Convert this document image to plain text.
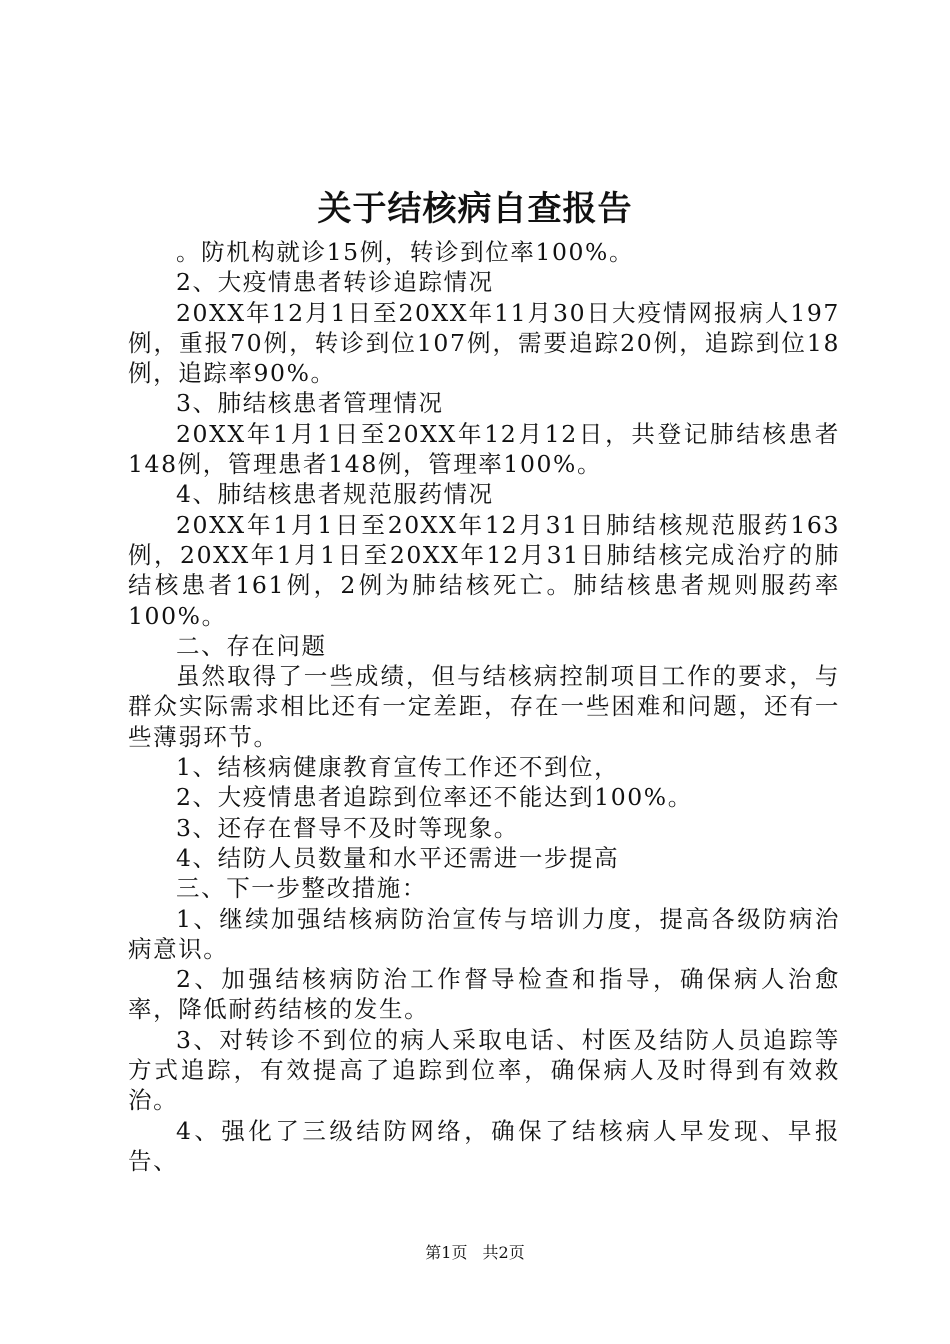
关于结核病自查报告

。防机构就诊15例，转诊到位率100%。

2、大疫情患者转诊追踪情况

20XX年12月1日至20XX年11月30日大疫情网报病人197例，重报70例，转诊到位107例，需要追踪20例，追踪到位18例，追踪率90%。

3、肺结核患者管理情况

20XX年1月1日至20XX年12月12日，共登记肺结核患者148例，管理患者148例，管理率100%。

4、肺结核患者规范服药情况

20XX年1月1日至20XX年12月31日肺结核规范服药163例，20XX年1月1日至20XX年12月31日肺结核完成治疗的肺结核患者161例，2例为肺结核死亡。肺结核患者规则服药率100%。

二、存在问题

虽然取得了一些成绩，但与结核病控制项目工作的要求，与群众实际需求相比还有一定差距，存在一些困难和问题，还有一些薄弱环节。

1、结核病健康教育宣传工作还不到位，

2、大疫情患者追踪到位率还不能达到100%。

3、还存在督导不及时等现象。

4、结防人员数量和水平还需进一步提高

三、下一步整改措施：

1、继续加强结核病防治宣传与培训力度，提高各级防病治病意识。

2、加强结核病防治工作督导检查和指导，确保病人治愈率，降低耐药结核的发生。

3、对转诊不到位的病人采取电话、村医及结防人员追踪等方式追踪，有效提高了追踪到位率，确保病人及时得到有效救治。

4、强化了三级结防网络，确保了结核病人早发现、早报告、

第1页 共2页
